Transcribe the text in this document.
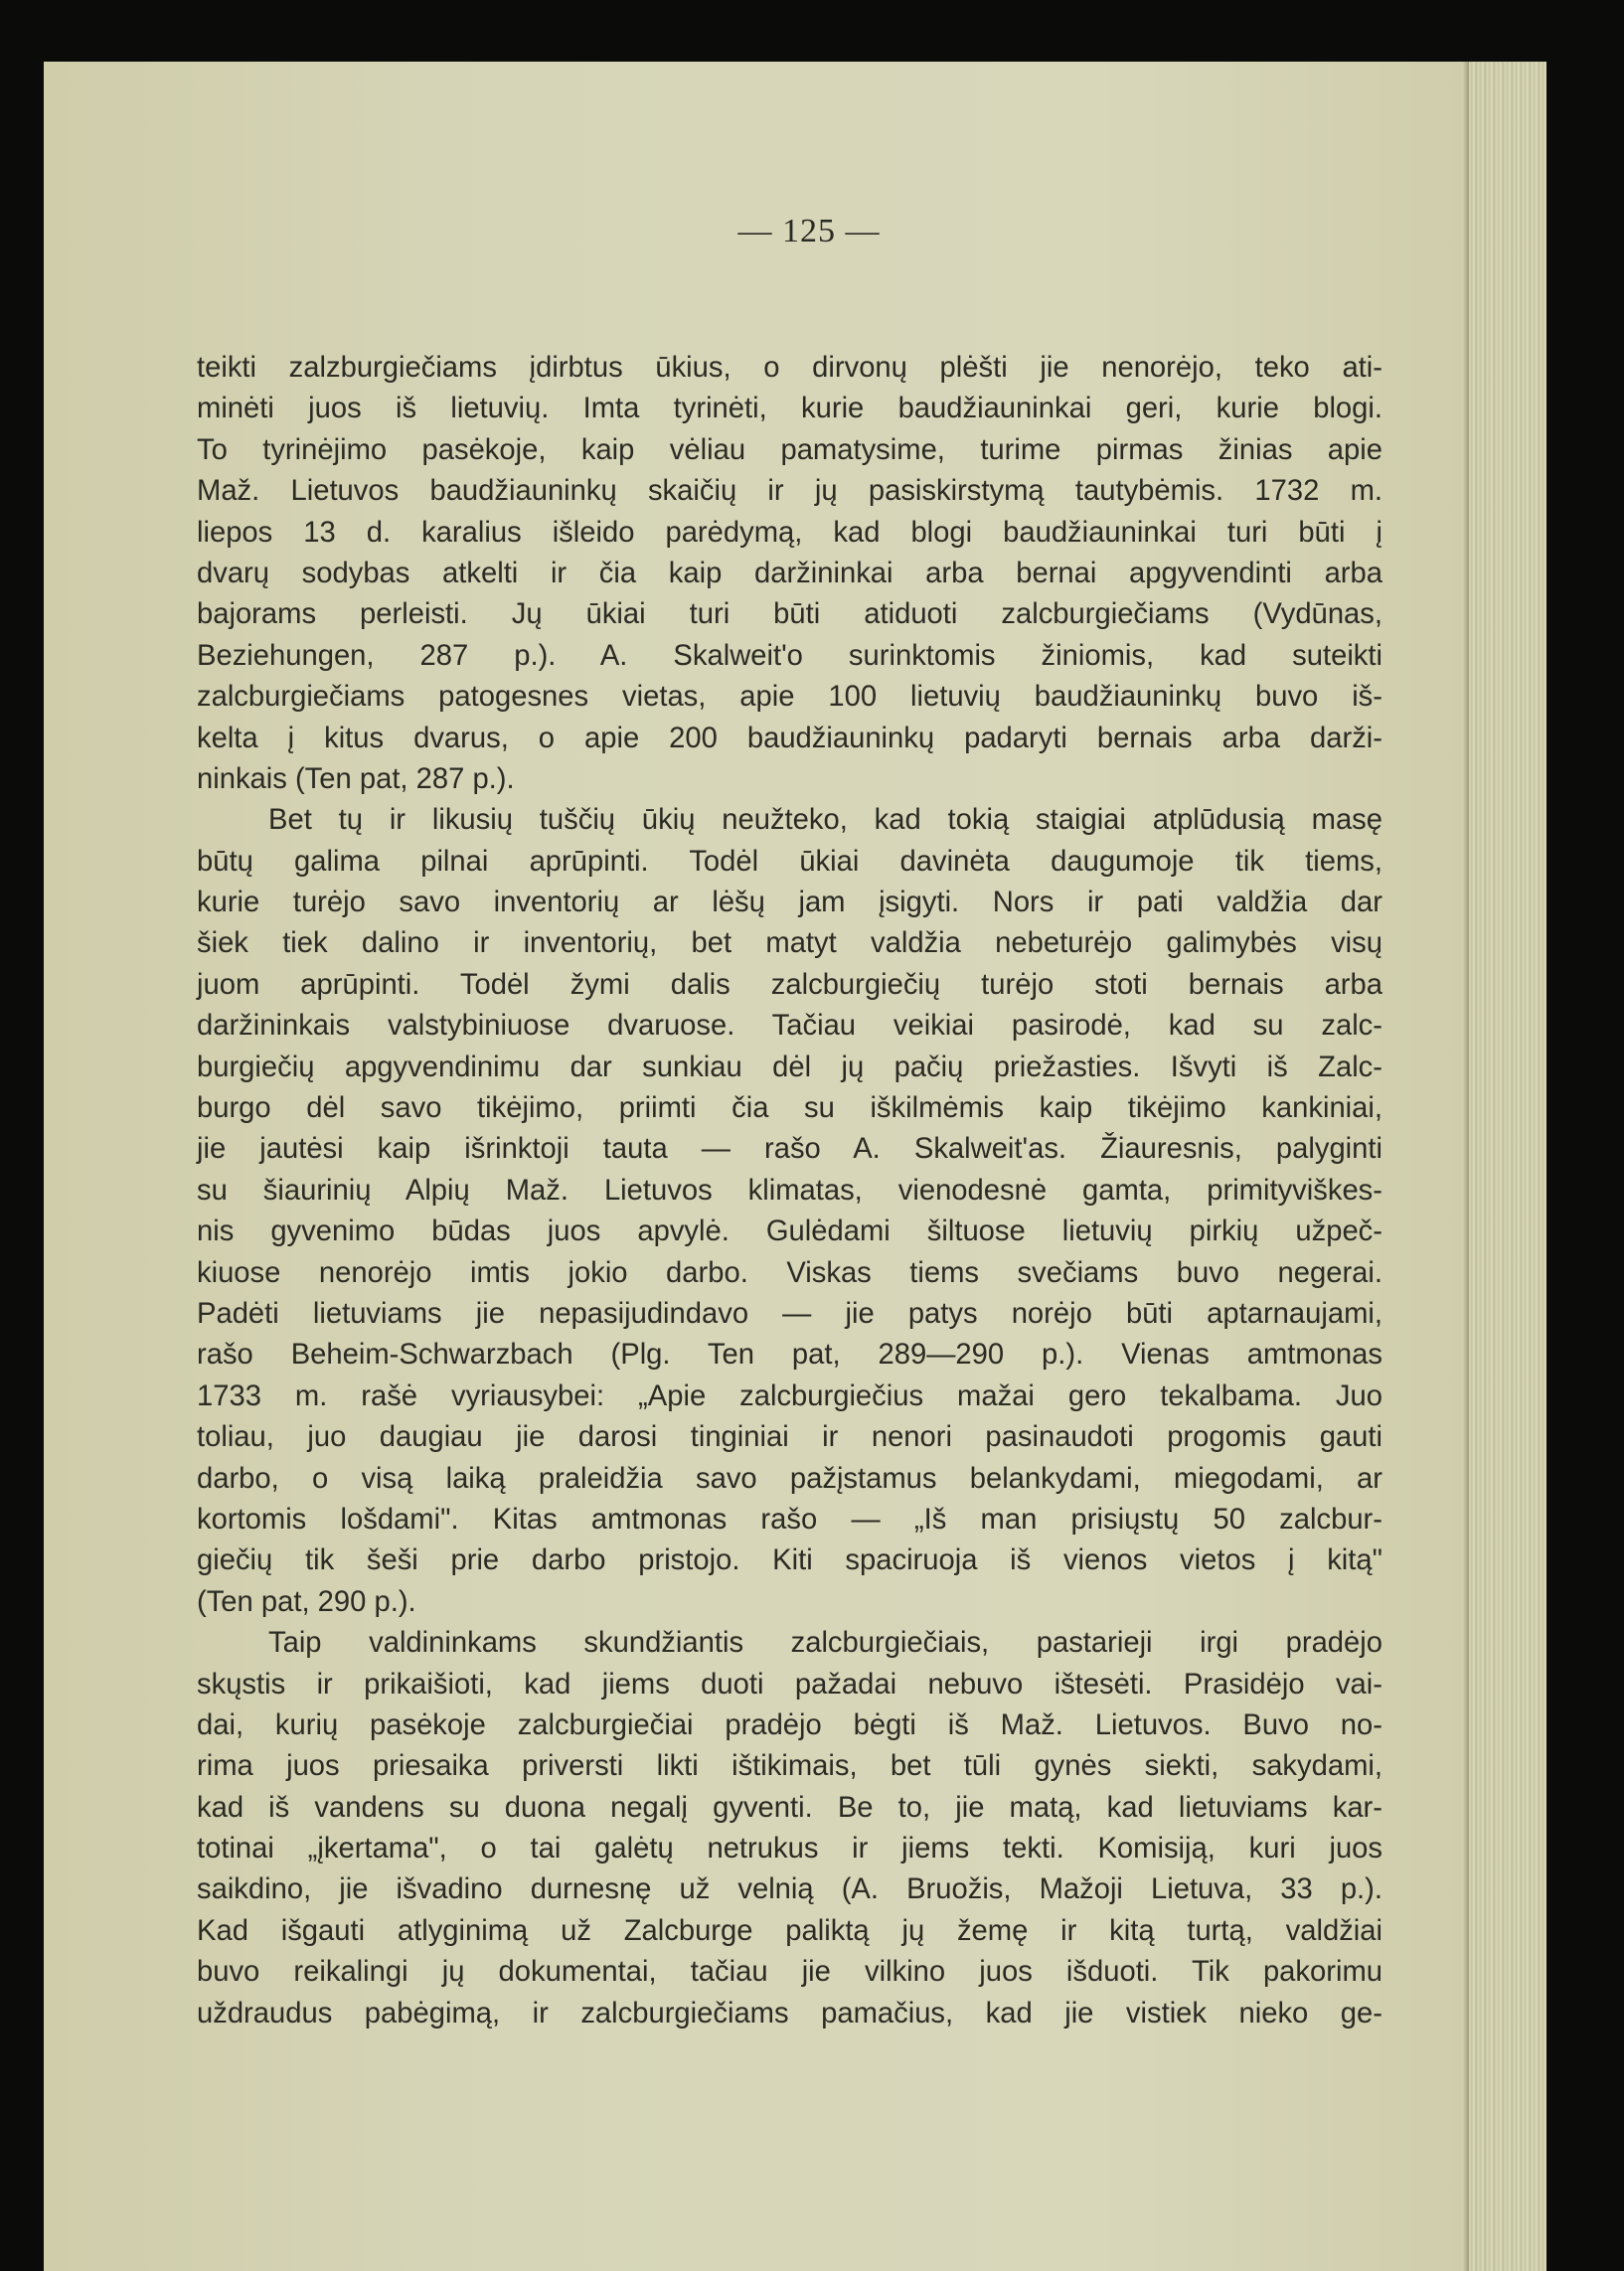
— 125 —
teikti zalzburgiečiams įdirbtus ūkius, o dirvonų plėšti jie nenorėjo, teko ati-
minėti juos iš lietuvių. Imta tyrinėti, kurie baudžiauninkai geri, kurie blogi.
To tyrinėjimo pasėkoje, kaip vėliau pamatysime, turime pirmas žinias apie
Maž. Lietuvos baudžiauninkų skaičių ir jų pasiskirstymą tautybėmis. 1732 m.
liepos 13 d. karalius išleido parėdymą, kad blogi baudžiauninkai turi būti į
dvarų sodybas atkelti ir čia kaip daržininkai arba bernai apgyvendinti arba
bajorams perleisti. Jų ūkiai turi būti atiduoti zalcburgiečiams (Vydūnas,
Beziehungen, 287 p.). A. Skalweit'o surinktomis žiniomis, kad suteikti
zalcburgiečiams patogesnes vietas, apie 100 lietuvių baudžiauninkų buvo iš-
kelta į kitus dvarus, o apie 200 baudžiauninkų padaryti bernais arba darži-
ninkais (Ten pat, 287 p.).
Bet tų ir likusių tuščių ūkių neužteko, kad tokią staigiai atplūdusią masę
būtų galima pilnai aprūpinti. Todėl ūkiai davinėta daugumoje tik tiems,
kurie turėjo savo inventorių ar lėšų jam įsigyti. Nors ir pati valdžia dar
šiek tiek dalino ir inventorių, bet matyt valdžia nebeturėjo galimybės visų
juom aprūpinti. Todėl žymi dalis zalcburgiečių turėjo stoti bernais arba
daržininkais valstybiniuose dvaruose. Tačiau veikiai pasirodė, kad su zalc-
burgiečių apgyvendinimu dar sunkiau dėl jų pačių priežasties. Išvyti iš Zalc-
burgo dėl savo tikėjimo, priimti čia su iškilmėmis kaip tikėjimo kankiniai,
jie jautėsi kaip išrinktoji tauta — rašo A. Skalweit'as. Žiauresnis, palyginti
su šiaurinių Alpių Maž. Lietuvos klimatas, vienodesnė gamta, primityviškes-
nis gyvenimo būdas juos apvylė. Gulėdami šiltuose lietuvių pirkių užpeč-
kiuose nenorėjo imtis jokio darbo. Viskas tiems svečiams buvo negerai.
Padėti lietuviams jie nepasijudindavo — jie patys norėjo būti aptarnaujami,
rašo Beheim-Schwarzbach (Plg. Ten pat, 289—290 p.). Vienas amtmonas
1733 m. rašė vyriausybei: „Apie zalcburgiečius mažai gero tekalbama. Juo
toliau, juo daugiau jie darosi tinginiai ir nenori pasinaudoti progomis gauti
darbo, o visą laiką praleidžia savo pažįstamus belankydami, miegodami, ar
kortomis lošdami". Kitas amtmonas rašo — „Iš man prisiųstų 50 zalcbur-
giečių tik šeši prie darbo pristojo. Kiti spaciruoja iš vienos vietos į kitą"
(Ten pat, 290 p.).
Taip valdininkams skundžiantis zalcburgiečiais, pastarieji irgi pradėjo
skųstis ir prikaišioti, kad jiems duoti pažadai nebuvo ištesėti. Prasidėjo vai-
dai, kurių pasėkoje zalcburgiečiai pradėjo bėgti iš Maž. Lietuvos. Buvo no-
rima juos priesaika priversti likti ištikimais, bet tūli gynės siekti, sakydami,
kad iš vandens su duona negalį gyventi. Be to, jie matą, kad lietuviams kar-
totinai „įkertama", o tai galėtų netrukus ir jiems tekti. Komisiją, kuri juos
saikdino, jie išvadino durnesnę už velnią (A. Bruožis, Mažoji Lietuva, 33 p.).
Kad išgauti atlyginimą už Zalcburge paliktą jų žemę ir kitą turtą, valdžiai
buvo reikalingi jų dokumentai, tačiau jie vilkino juos išduoti. Tik pakorimu
uždraudus pabėgimą, ir zalcburgiečiams pamačius, kad jie vistiek nieko ge-
